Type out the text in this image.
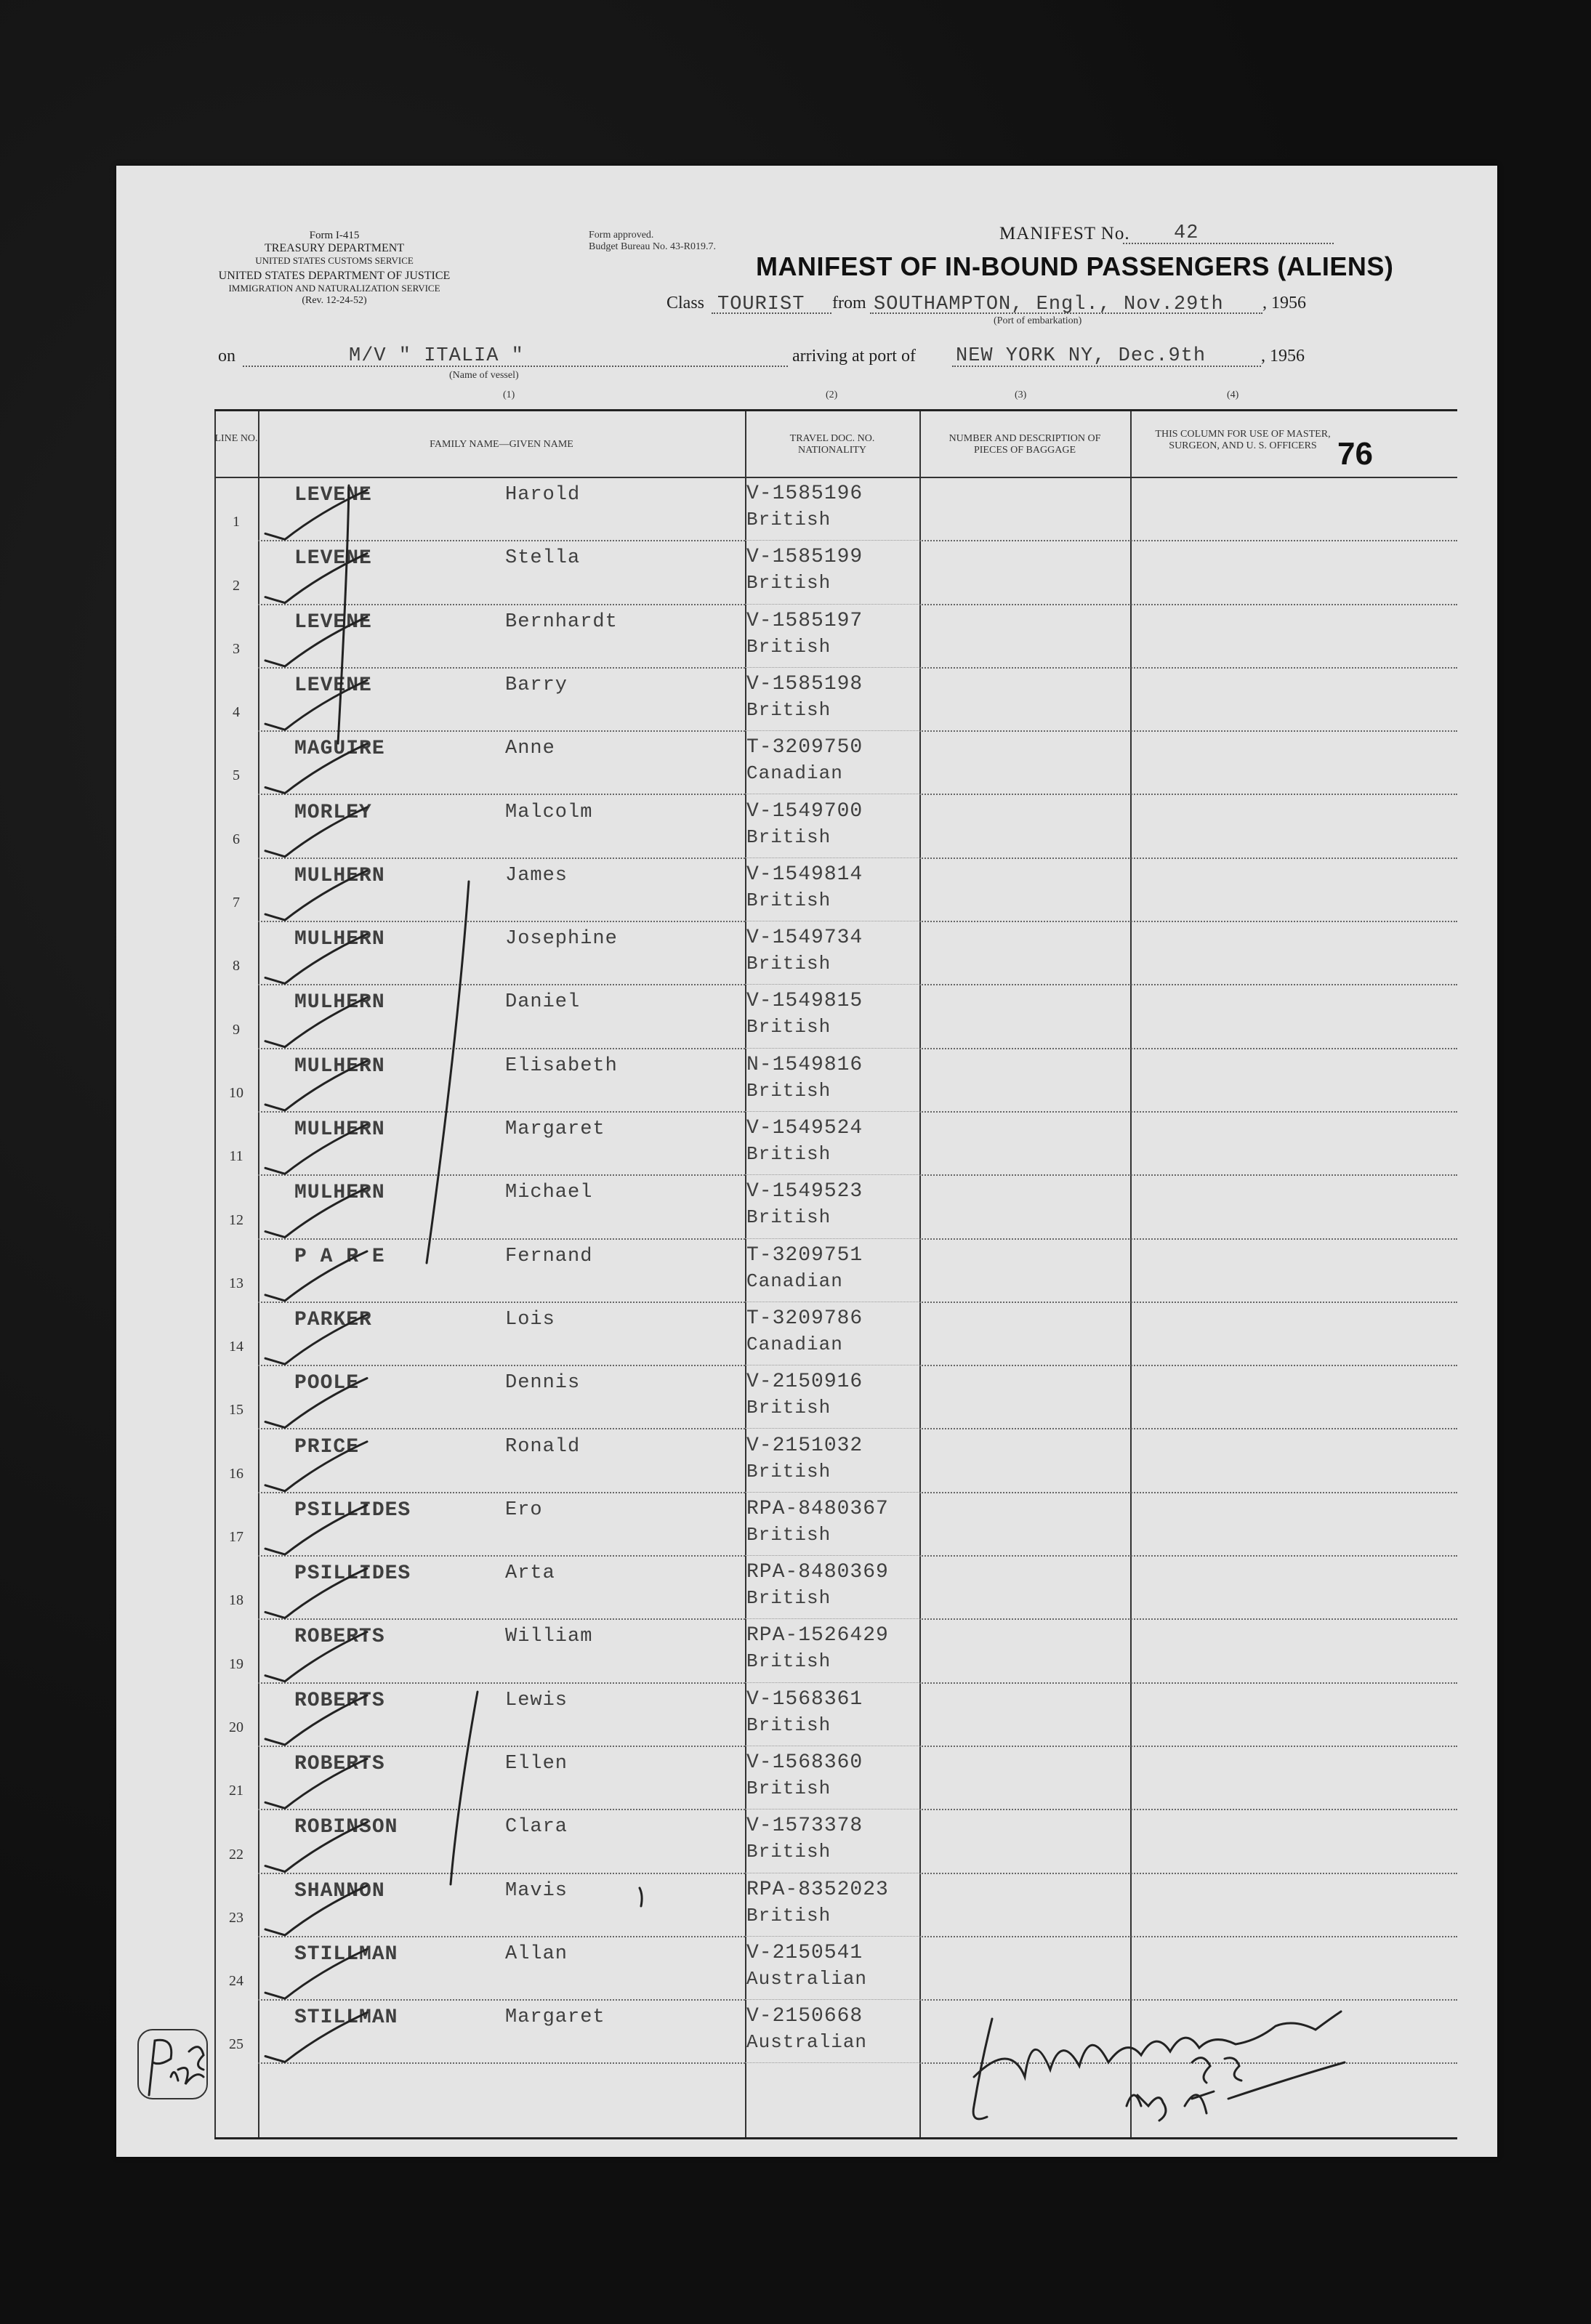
Form I-415
TREASURY DEPARTMENT
UNITED STATES CUSTOMS SERVICE
UNITED STATES DEPARTMENT OF JUSTICE
IMMIGRATION AND NATURALIZATION SERVICE
(Rev. 12-24-52)
Form approved.
Budget Bureau No. 43-R019.7.
MANIFEST No. 42
MANIFEST OF IN-BOUND PASSENGERS (ALIENS)
Class TOURIST from SOUTHAMPTON, Engl., Nov.29th , 1956
(Port of embarkation)
on	M/V " ITALIA "
(Name of vessel)
arriving at port of NEW YORK NY, Dec.9th	, 1956
(1)	(2)	(3)	(4)
76
LINE NO.
FAMILY NAME—GIVEN NAME
TRAVEL DOC. NO. NATIONALITY
NUMBER AND DESCRIPTION OF PIECES OF BAGGAGE
THIS COLUMN FOR USE OF MASTER, SURGEON, AND U. S. OFFICERS
1
LEVENE	Harold	V-1585196
British
2
LEVENE	Stella	V-1585199
British
3
LEVENE	Bernhardt	V-1585197
British
4
LEVENE	Barry	V-1585198
British
5
MAGUIRE	Anne	T-3209750
Canadian
6
MORLEY	Malcolm	V-1549700
British
7
MULHERN	James	V-1549814
British
8
MULHERN	Josephine	V-1549734
British
9
MULHERN	Daniel	V-1549815
British
10
MULHERN	Elisabeth	N-1549816
British
11
MULHERN	Margaret	V-1549524
British
12
MULHERN	Michael	V-1549523
British
13
P A R E	Fernand	T-3209751
Canadian
14
PARKER	Lois	T-3209786
Canadian
15
POOLE	Dennis	V-2150916
British
16
PRICE	Ronald	V-2151032
British
17
PSILLIDES	Ero	RPA-8480367
British
18
PSILLIDES	Arta	RPA-8480369
British
19
ROBERTS	William	RPA-1526429
British
20
ROBERTS	Lewis	V-1568361
British
21
ROBERTS	Ellen	V-1568360
British
22
ROBINSON	Clara	V-1573378
British
23
SHANNON	Mavis	RPA-8352023
British
24
STILLMAN	Allan	V-2150541
Australian
25
STILLMAN	Margaret	V-2150668
Australian
